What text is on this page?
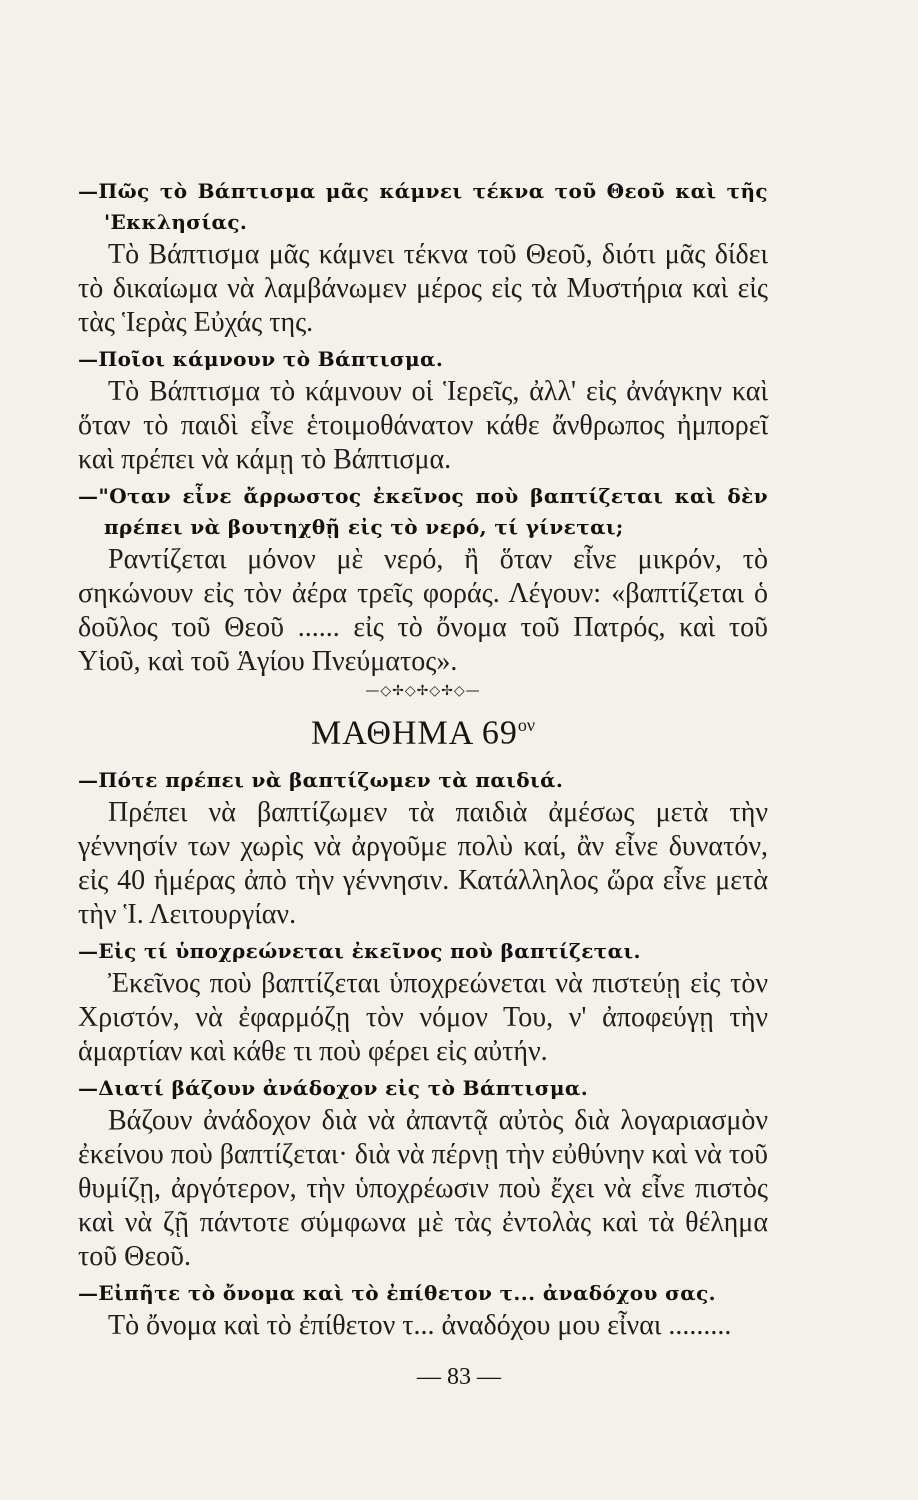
—Πῶς τὸ Βάπτισμα μᾶς κάμνει τέκνα τοῦ Θεοῦ καὶ τῆς 'Εκκλησίας.

Τὸ Βάπτισμα μᾶς κάμνει τέκνα τοῦ Θεοῦ, διότι μᾶς δίδει τὸ δικαίωμα νὰ λαμβάνωμεν μέρος εἰς τὰ Μυστήρια καὶ εἰς τὰς Ἱερὰς Εὐχάς της.

—Ποῖοι κάμνουν τὸ Βάπτισμα.

Τὸ Βάπτισμα τὸ κάμνουν οἱ Ἱερεῖς, ἀλλ' εἰς ἀνάγκην καὶ ὅταν τὸ παιδὶ εἶνε ἑτοιμοθάνατον κάθε ἄνθρωπος ἠμπορεῖ καὶ πρέπει νὰ κάμῃ τὸ Βάπτισμα.

—"Οταν εἶνε ἄρρωστος ἐκεῖνος ποὺ βαπτίζεται καὶ δὲν πρέπει νὰ βουτηχθῇ εἰς τὸ νερό, τί γίνεται;

Ραντίζεται μόνον μὲ νερό, ἢ ὅταν εἶνε μικρόν, τὸ σηκώνουν εἰς τὸν ἀέρα τρεῖς φοράς. Λέγουν: «βαπτίζεται ὁ δοῦλος τοῦ Θεοῦ ...... εἰς τὸ ὄνομα τοῦ Πατρός, καὶ τοῦ Υἱοῦ, καὶ τοῦ Ἁγίου Πνεύματος».

—◇✢◇✢◇✢◇—

ΜΑΘΗΜΑ $69^{o\nu}$

—Πότε πρέπει νὰ βαπτίζωμεν τὰ παιδιά.

Πρέπει νὰ βαπτίζωμεν τὰ παιδιὰ ἀμέσως μετὰ τὴν γέννησίν των χωρὶς νὰ ἀργοῦμε πολὺ καί, ἂν εἶνε δυνατόν, εἰς 40 ἡμέρας ἀπὸ τὴν γέννησιν. Κατάλληλος ὥρα εἶνε μετὰ τὴν Ἱ. Λειτουργίαν.

—Εἰς τί ὑποχρεώνεται ἐκεῖνος ποὺ βαπτίζεται.

Ἐκεῖνος ποὺ βαπτίζεται ὑποχρεώνεται νὰ πιστεύῃ εἰς τὸν Χριστόν, νὰ ἐφαρμόζῃ τὸν νόμον Του, ν' ἀποφεύγῃ τὴν ἁμαρτίαν καὶ κάθε τι ποὺ φέρει εἰς αὐτήν.

—Διατί βάζουν ἀνάδοχον εἰς τὸ Βάπτισμα.

Βάζουν ἀνάδοχον διὰ νὰ ἀπαντᾷ αὐτὸς διὰ λογαριασμὸν ἐκείνου ποὺ βαπτίζεται· διὰ νὰ πέρνῃ τὴν εὐθύνην καὶ νὰ τοῦ θυμίζῃ, ἀργότερον, τὴν ὑποχρέωσιν ποὺ ἔχει νὰ εἶνε πιστὸς καὶ νὰ ζῇ πάντοτε σύμφωνα μὲ τὰς ἐντολὰς καὶ τὰ θέλημα τοῦ Θεοῦ.

—Εἰπῆτε τὸ ὄνομα καὶ τὸ ἐπίθετον τ... ἀναδόχου σας.

Τὸ ὄνομα καὶ τὸ ἐπίθετον τ... ἀναδόχου μου εἶναι .........

— 83 —
